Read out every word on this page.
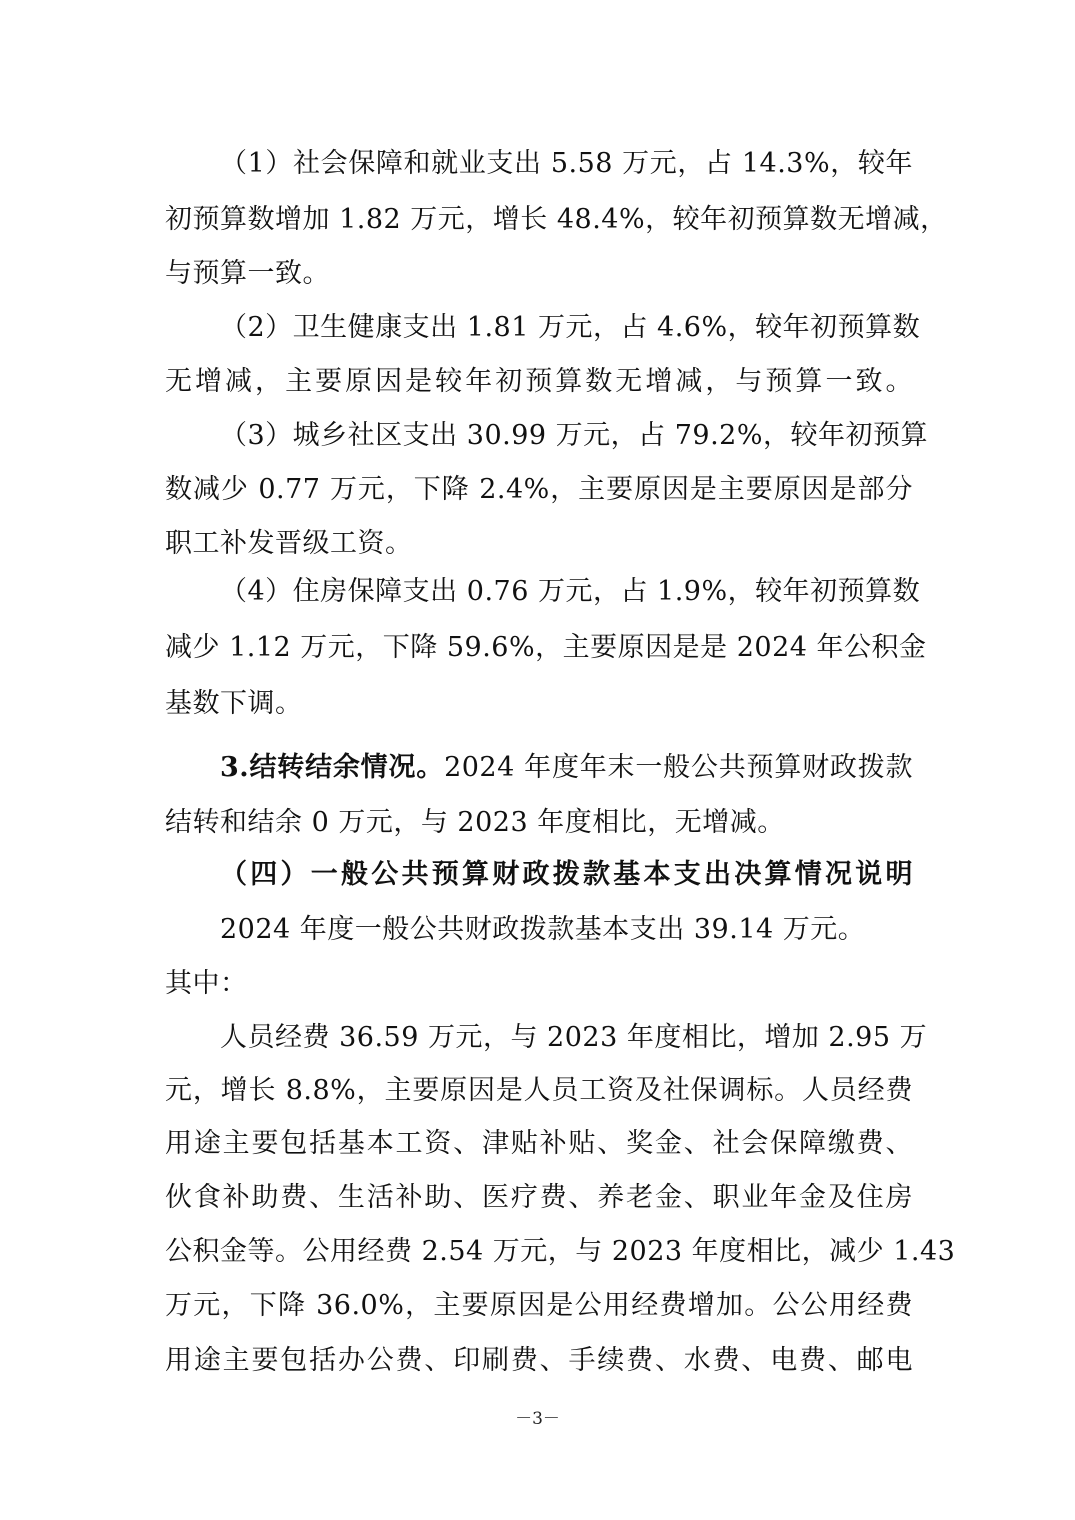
（1）社会保障和就业支出 5.58 万元，占 14.3%，较年
初预算数增加 1.82 万元，增长 48.4%，较年初预算数无增减，
与预算一致。
（2）卫生健康支出 1.81 万元，占 4.6%，较年初预算数
无增减，主要原因是较年初预算数无增减，与预算一致。
（3）城乡社区支出 30.99 万元，占 79.2%，较年初预算
数减少 0.77 万元，下降 2.4%，主要原因是主要原因是部分
职工补发晋级工资。
（4）住房保障支出 0.76 万元，占 1.9%，较年初预算数
减少 1.12 万元，下降 59.6%，主要原因是是 2024 年公积金
基数下调。
3.结转结余情况。2024 年度年末一般公共预算财政拨款
结转和结余 0 万元，与 2023 年度相比，无增减。
（四）一般公共预算财政拨款基本支出决算情况说明
2024 年度一般公共财政拨款基本支出 39.14 万元。
其中：
人员经费 36.59 万元，与 2023 年度相比，增加 2.95 万
元，增长 8.8%，主要原因是人员工资及社保调标。人员经费
用途主要包括基本工资、津贴补贴、奖金、社会保障缴费、
伙食补助费、生活补助、医疗费、养老金、职业年金及住房
公积金等。公用经费 2.54 万元，与 2023 年度相比，减少 1.43
万元，下降 36.0%，主要原因是公用经费增加。公公用经费
用途主要包括办公费、印刷费、手续费、水费、电费、邮电
－3－
